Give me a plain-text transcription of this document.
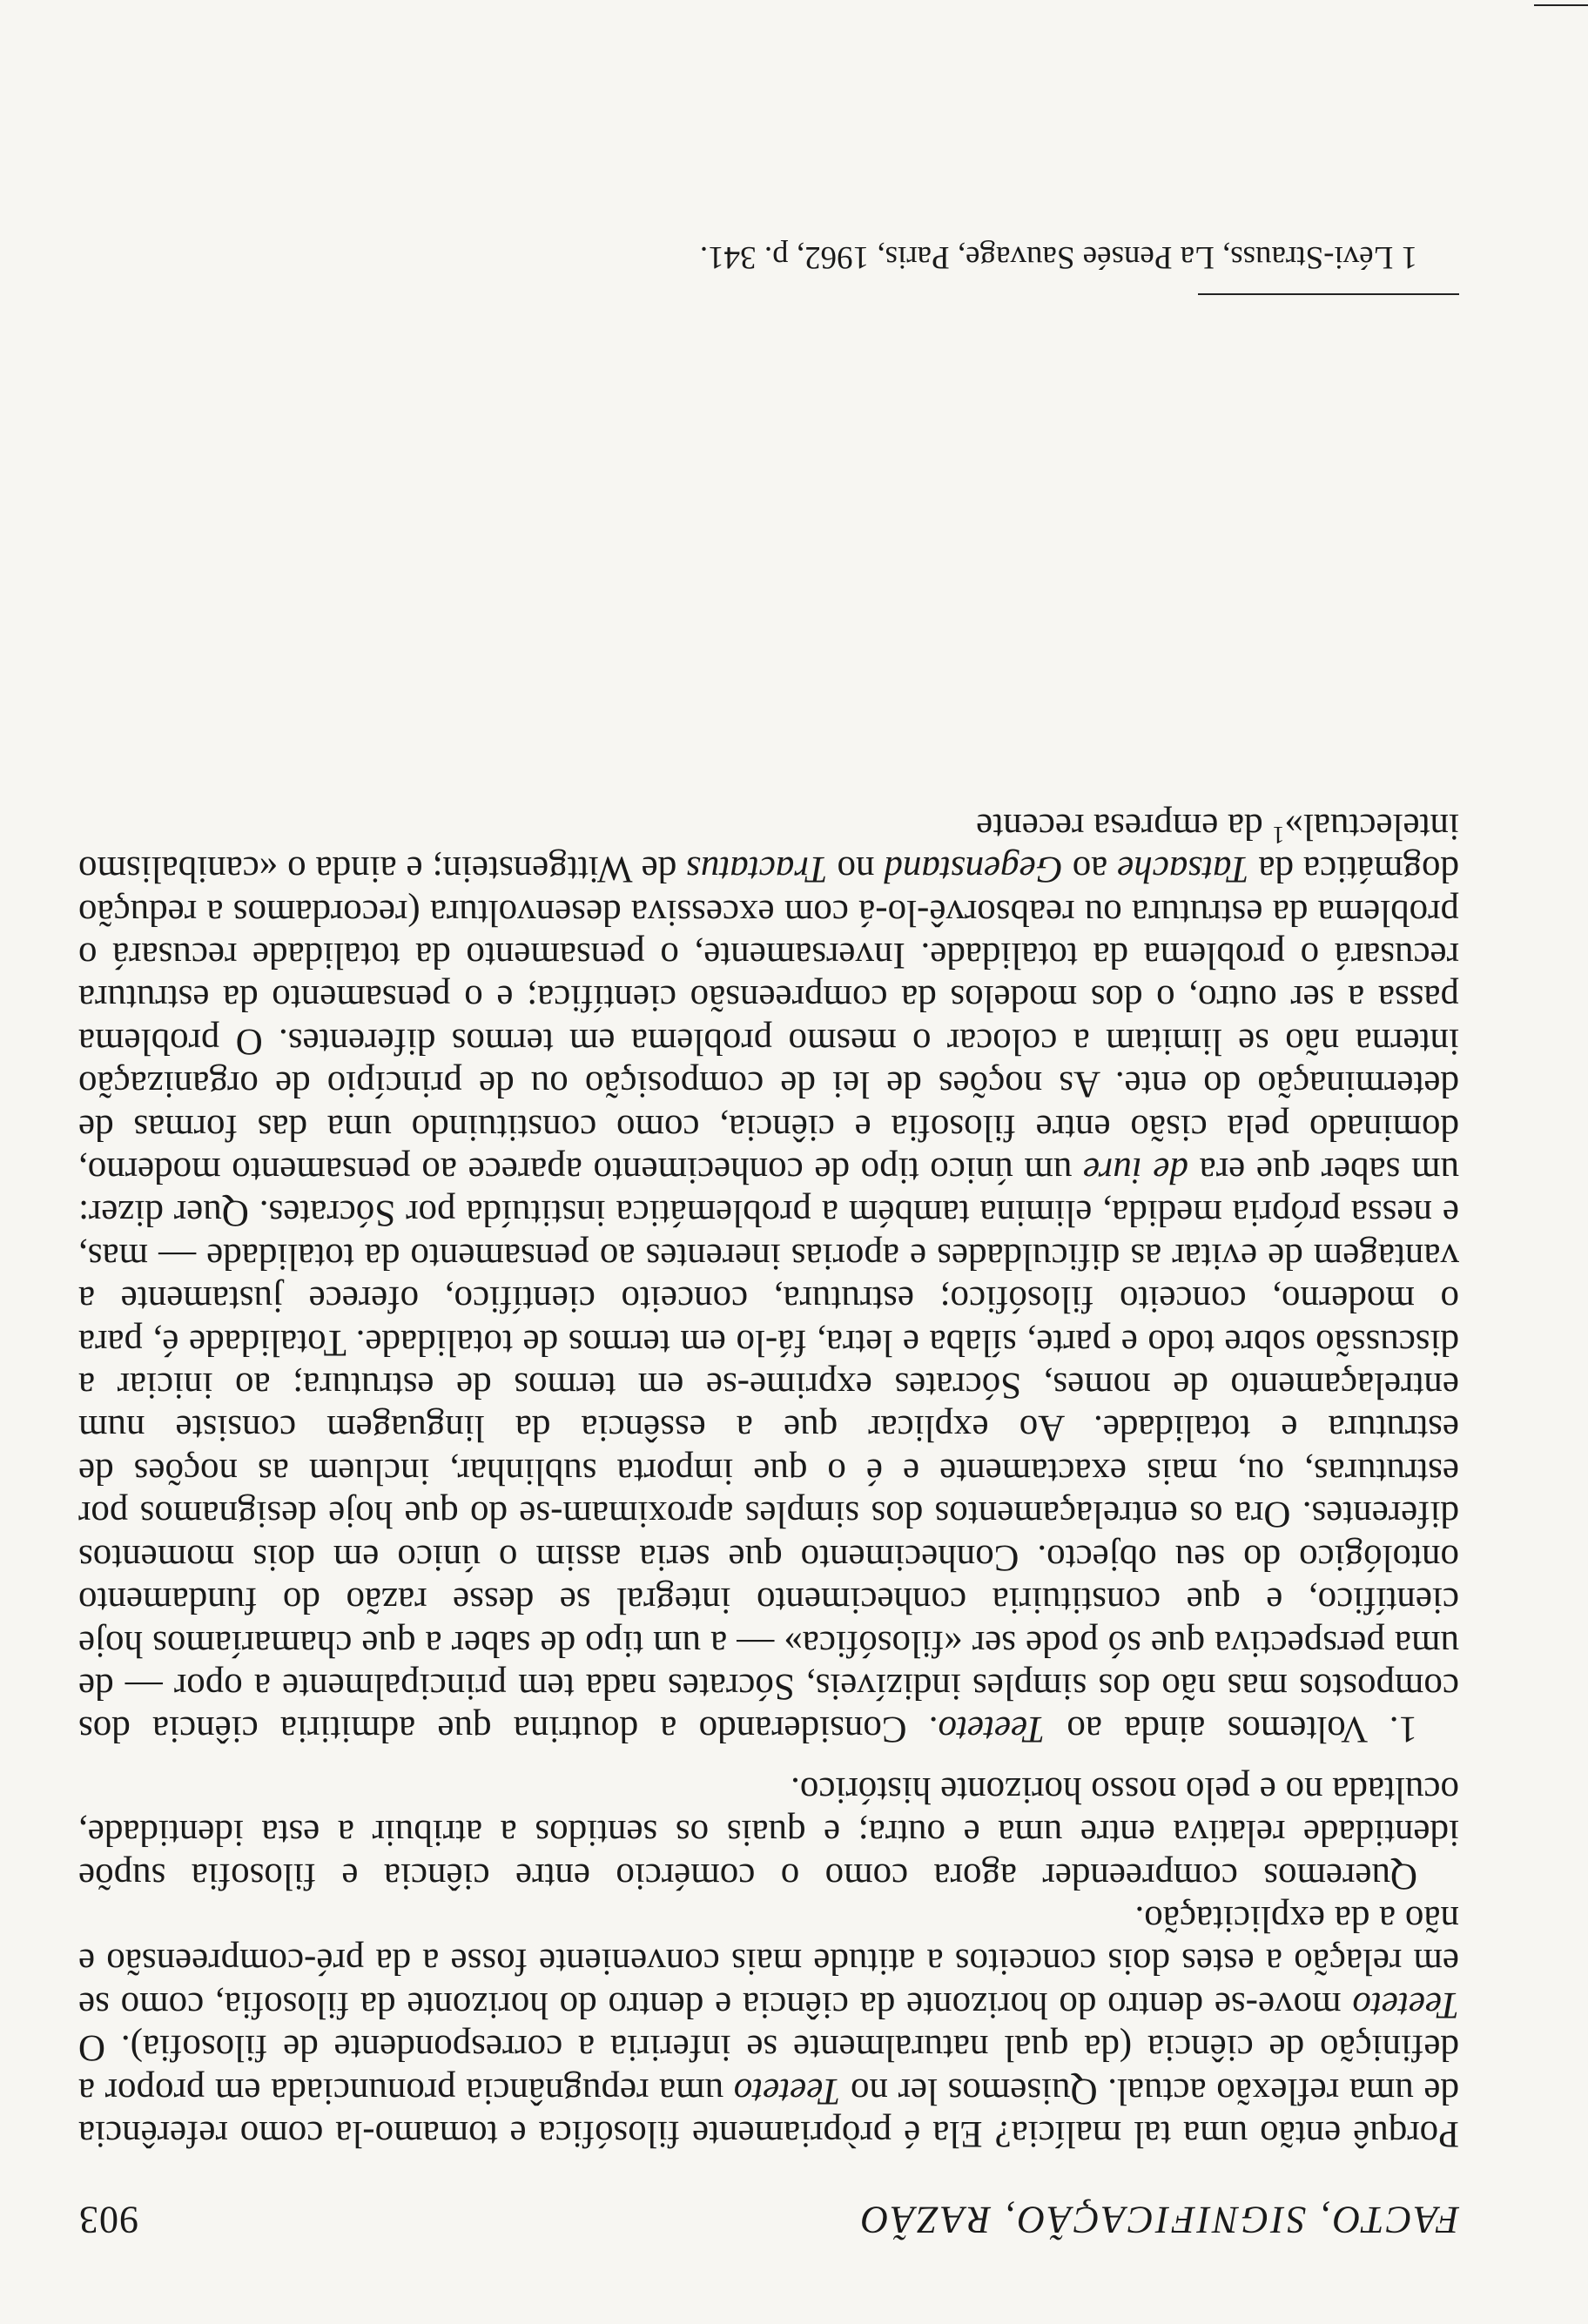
FACTO, SIGNIFICAÇÃO, RAZÃO
903

Porquê então uma tal malícia? Ela é pròpriamente filosófica e tomamo-la como referência de uma reflexão actual. Quisemos ler no Teeteto uma repugnância pronunciada em propor a definição de ciência (da qual naturalmente se inferiria a correspondente de filosofia). O Teeteto move-se dentro do horizonte da ciência e dentro do horizonte da filosofia, como se em relação a estes dois conceitos a atitude mais conveniente fosse a da pré-compreensão e não a da explicitação.

Queremos compreender agora como o comércio entre ciência e filosofia supõe identidade relativa entre uma e outra; e quais os sentidos a atribuir a esta identidade, ocultada no e pelo nosso horizonte histórico.

1. Voltemos ainda ao Teeteto. Considerando a doutrina que admitiria ciência dos compostos mas não dos simples indizíveis, Sócrates nada tem principalmente a opor — de uma perspectiva que só pode ser «filosófica» — a um tipo de saber a que chamaríamos hoje científico, e que constituiria conhecimento integral se desse razão do fundamento ontológico do seu objecto. Conhecimento que seria assim o único em dois momentos diferentes. Ora os entrelaçamentos dos simples aproximam-se do que hoje designamos por estruturas, ou, mais exactamente e é o que importa sublinhar, incluem as noções de estrutura e totalidade. Ao explicar que a essência da linguagem consiste num entrelaçamento de nomes, Sócrates exprime-se em termos de estrutura; ao iniciar a discussão sobre todo e parte, sílaba e letra, fá-lo em termos de totalidade. Totalidade é, para o moderno, conceito filosófico; estrutura, conceito científico, oferece justamente a vantagem de evitar as dificuldades e aporias inerentes ao pensamento da totalidade — mas, e nessa própria medida, elimina também a problemática instituída por Sócrates. Quer dizer: um saber que era de iure um único tipo de conhecimento aparece ao pensamento moderno, dominado pela cisão entre filosofia e ciência, como constituindo uma das formas de determinação do ente. As noções de lei de composição ou de princípio de organização interna não se limitam a colocar o mesmo problema em termos diferentes. O problema passa a ser outro, o dos modelos da compreensão científica; e o pensamento da estrutura recusará o problema da totalidade. Inversamente, o pensamento da totalidade recusará o problema da estrutura ou reabsorvê-lo-á com excessiva desenvoltura (recordamos a redução dogmática da Tatsache ao Gegenstand no Tractatus de Wittgenstein; e ainda o «canibalismo intelectual»$^1$ da empresa recente

1 Lévi-Strauss, La Pensée Sauvage, Paris, 1962, p. 341.
